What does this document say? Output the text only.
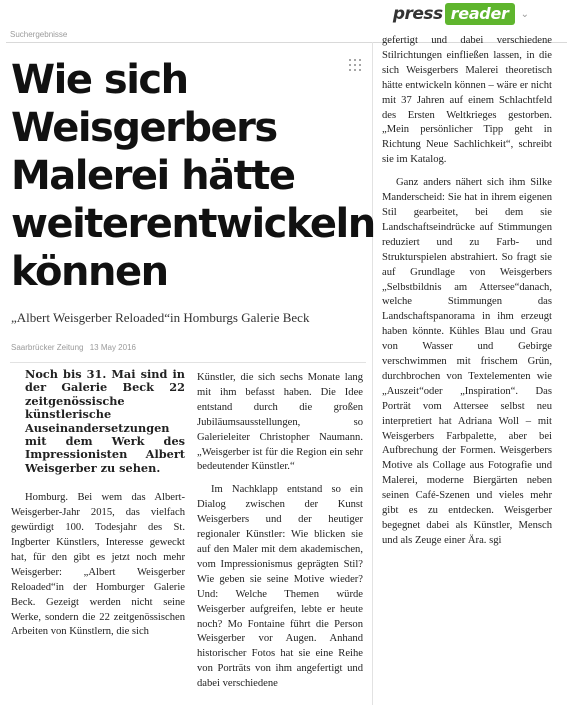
press reader	⌄
Suchergebnisse
Wie sich Weisgerbers Malerei hätte weiterentwickeln können

„Albert Weisgerber Reloaded“in Homburgs Galerie Beck

Saarbrücker Zeitung 13 May 2016

Noch bis 31. Mai sind in der Galerie Beck 22 zeitgenössische künstlerische Auseinandersetzungen mit dem Werk des Impressionisten Albert Weisgerber zu sehen.

Homburg. Bei wem das AlbertWeisgerber-Jahr 2015, das vielfach gewürdigt 100. Todesjahr des St. Ingberter Künstlers, Interesse geweckt hat, für den gibt es jetzt noch mehr Weisgerber: „Albert Weisgerber Reloaded“in der Homburger Galerie Beck. Gezeigt werden nicht seine Werke, sondern die 22 zeitgenössischen Arbeiten von Künstlern, die sich

Künstler, die sich sechs Monate lang mit ihm befasst haben. Die Idee entstand durch die großen Jubiläumsausstellungen, so Galerieleiter Christopher Naumann. „Weisgerber ist für die Region ein sehr bedeutender Künstler.“

Im Nachklapp entstand so ein Dialog zwischen der Kunst Weisgerbers und der heutiger regionaler Künstler: Wie blicken sie auf den Maler mit dem akademischen, vom Impressionismus geprägten Stil? Wie geben sie seine Motive wieder? Und: Welche Themen würde Weisgerber aufgreifen, lebte er heute noch? Mo Fontaine führt die Person Weisgerber vor Augen. Anhand historischer Fotos hat sie eine Reihe von Porträts von ihm angefertigt und dabei verschiedene

gefertigt und dabei verschiedene Stilrichtungen einfließen lassen, in die sich Weisgerbers Malerei theoretisch hätte entwickeln können – wäre er nicht mit 37 Jahren auf einem Schlachtfeld des Ersten Weltkrieges gestorben. „Mein persönlicher Tipp geht in Richtung Neue Sachlichkeit“, schreibt sie im Katalog.

Ganz anders nähert sich ihm Silke Manderscheid: Sie hat in ihrem eigenen Stil gearbeitet, bei dem sie Landschaftseindrücke auf Stimmungen reduziert und zu Farb- und Strukturspielen abstrahiert. So fragt sie auf Grundlage von Weisgerbers „Selbstbildnis am Attersee“danach, welche Stimmungen das Landschaftspanorama in ihm erzeugt haben könnte. Kühles Blau und Grau von Wasser und Gebirge verschwimmen mit frischem Grün, durchbrochen von Textelementen wie „Auszeit“oder „Inspiration“. Das Porträt vom Attersee selbst neu interpretiert hat Adriana Woll – mit Weisgerbers Farbpalette, aber bei Aufbrechung der Formen. Weisgerbers Motive als Collage aus Fotografie und Malerei, moderne Biergärten neben seinen Café-Szenen und vieles mehr gibt es zu entdecken. Weisgerber begegnet dabei als Künstler, Mensch und als Zeuge einer Ära. sgi
